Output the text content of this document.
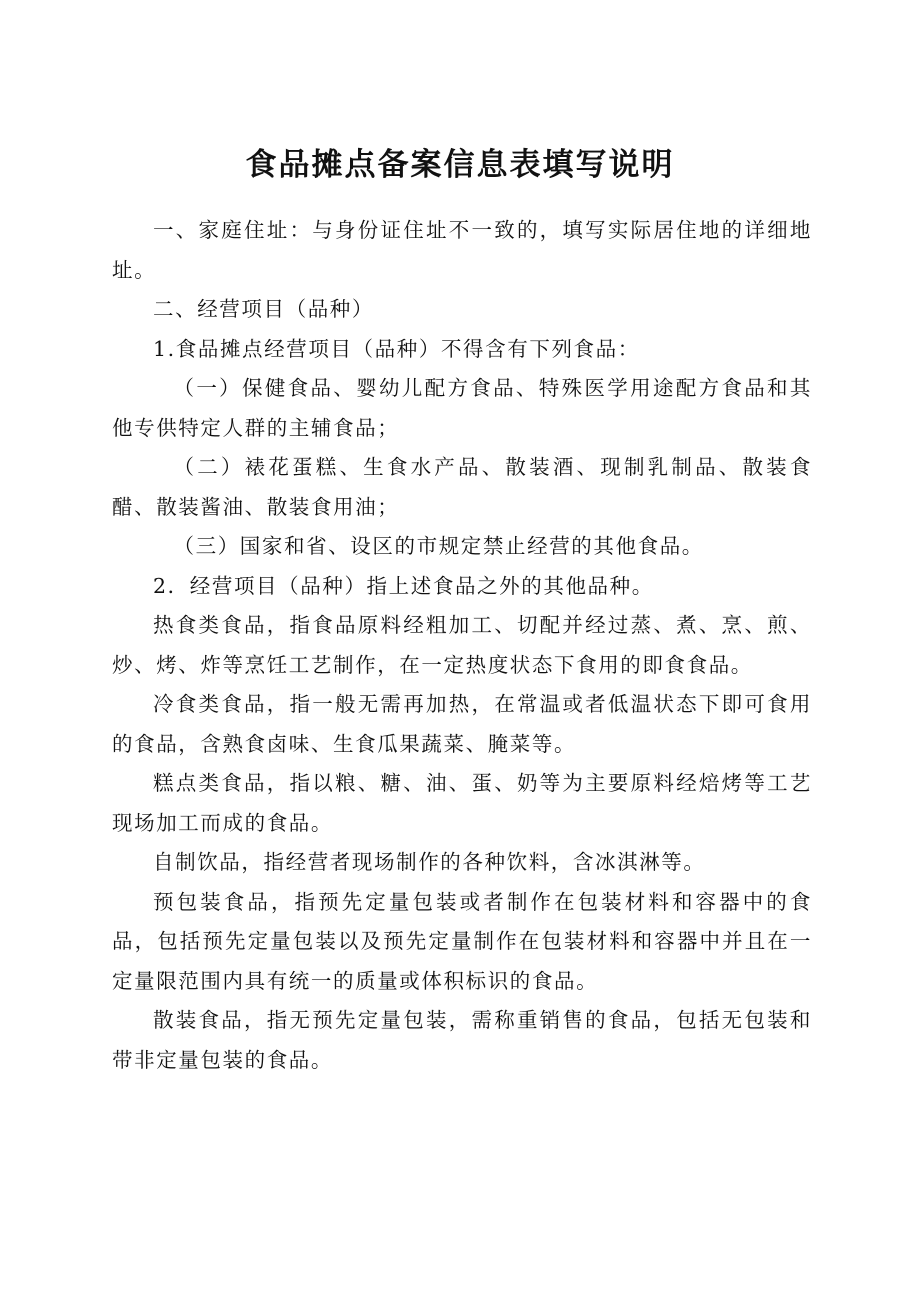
食品摊点备案信息表填写说明

一、家庭住址：与身份证住址不一致的，填写实际居住地的详细地址。

二、经营项目（品种）

1.食品摊点经营项目（品种）不得含有下列食品：

（一）保健食品、婴幼儿配方食品、特殊医学用途配方食品和其他专供特定人群的主辅食品；

（二）裱花蛋糕、生食水产品、散装酒、现制乳制品、散装食醋、散装酱油、散装食用油；

（三）国家和省、设区的市规定禁止经营的其他食品。

2．经营项目（品种）指上述食品之外的其他品种。

热食类食品，指食品原料经粗加工、切配并经过蒸、煮、烹、煎、炒、烤、炸等烹饪工艺制作，在一定热度状态下食用的即食食品。

冷食类食品，指一般无需再加热，在常温或者低温状态下即可食用的食品，含熟食卤味、生食瓜果蔬菜、腌菜等。

糕点类食品，指以粮、糖、油、蛋、奶等为主要原料经焙烤等工艺现场加工而成的食品。

自制饮品，指经营者现场制作的各种饮料，含冰淇淋等。

预包装食品，指预先定量包装或者制作在包装材料和容器中的食品，包括预先定量包装以及预先定量制作在包装材料和容器中并且在一定量限范围内具有统一的质量或体积标识的食品。

散装食品，指无预先定量包装，需称重销售的食品，包括无包装和带非定量包装的食品。
